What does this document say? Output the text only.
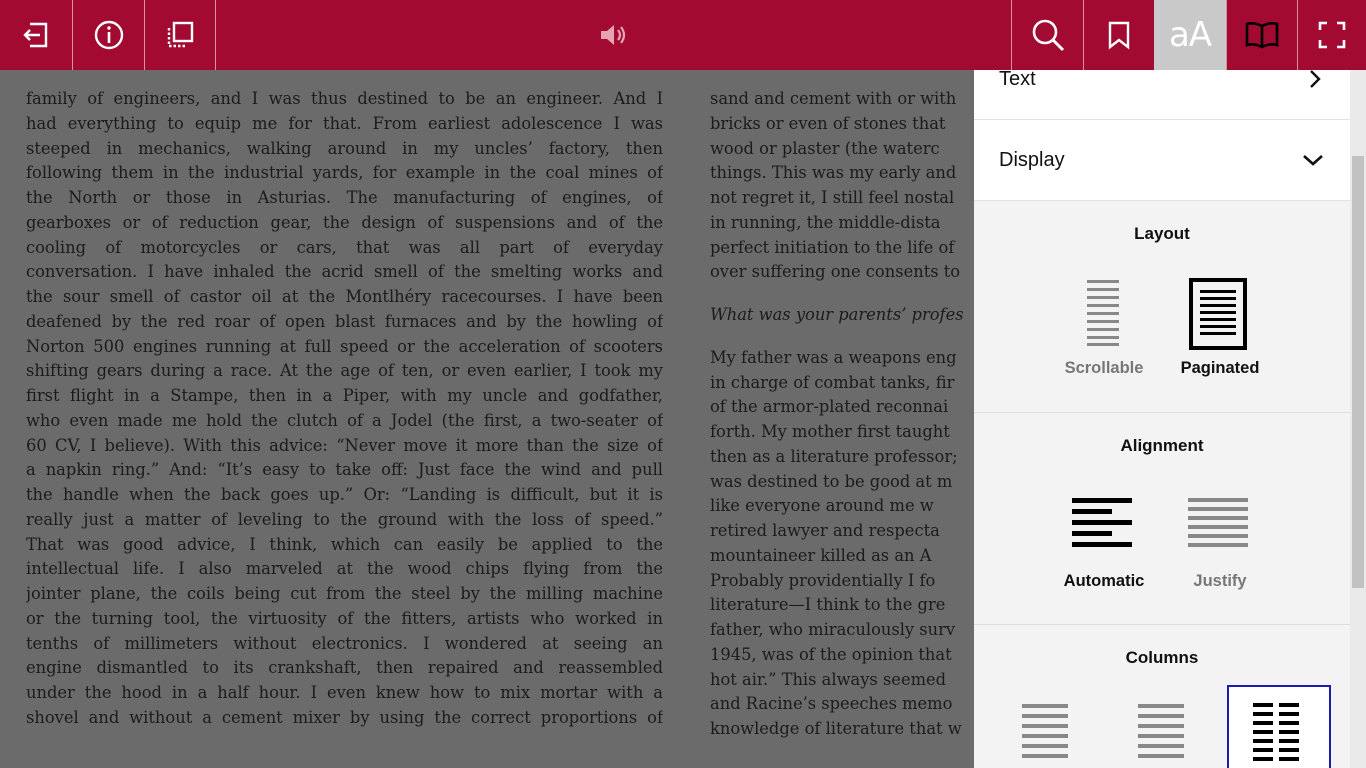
aA
family of engineers, and I was thus destined to be an engineer. And I
had everything to equip me for that. From earliest adolescence I was
steeped in mechanics, walking around in my uncles’ factory, then
following them in the industrial yards, for example in the coal mines of
the North or those in Asturias. The manufacturing of engines, of
gearboxes or of reduction gear, the design of suspensions and of the
cooling of motorcycles or cars, that was all part of everyday
conversation. I have inhaled the acrid smell of the smelting works and
the sour smell of castor oil at the Montlhéry racecourses. I have been
deafened by the red roar of open blast furnaces and by the howling of
Norton 500 engines running at full speed or the acceleration of scooters
shifting gears during a race. At the age of ten, or even earlier, I took my
first flight in a Stampe, then in a Piper, with my uncle and godfather,
who even made me hold the clutch of a Jodel (the first, a two-seater of
60 CV, I believe). With this advice: “Never move it more than the size of
a napkin ring.” And: “It’s easy to take off: Just face the wind and pull
the handle when the back goes up.” Or: “Landing is difficult, but it is
really just a matter of leveling to the ground with the loss of speed.”
That was good advice, I think, which can easily be applied to the
intellectual life. I also marveled at the wood chips flying from the
jointer plane, the coils being cut from the steel by the milling machine
or the turning tool, the virtuosity of the fitters, artists who worked in
tenths of millimeters without electronics. I wondered at seeing an
engine dismantled to its crankshaft, then repaired and reassembled
under the hood in a half hour. I even knew how to mix mortar with a
shovel and without a cement mixer by using the correct proportions of
sand and cement with or with
bricks or even of stones that
wood or plaster (the waterc
things. This was my early and
not regret it, I still feel nostal
in running, the middle-dista
perfect initiation to the life of
over suffering one consents to

What was your parents’ profes

My father was a weapons eng
in charge of combat tanks, fir
of the armor-plated reconnai
forth. My mother first taught
then as a literature professor;
was destined to be good at m
like everyone around me w
retired lawyer and respecta
mountaineer killed as an A
Probably providentially I fo
literature—I think to the gre
father, who miraculously surv
1945, was of the opinion that
hot air.” This always seemed
and Racine’s speeches memo
knowledge of literature that w
Text
Display
Layout
Scrollable	Paginated
Alignment
Automatic	Justify
Columns
